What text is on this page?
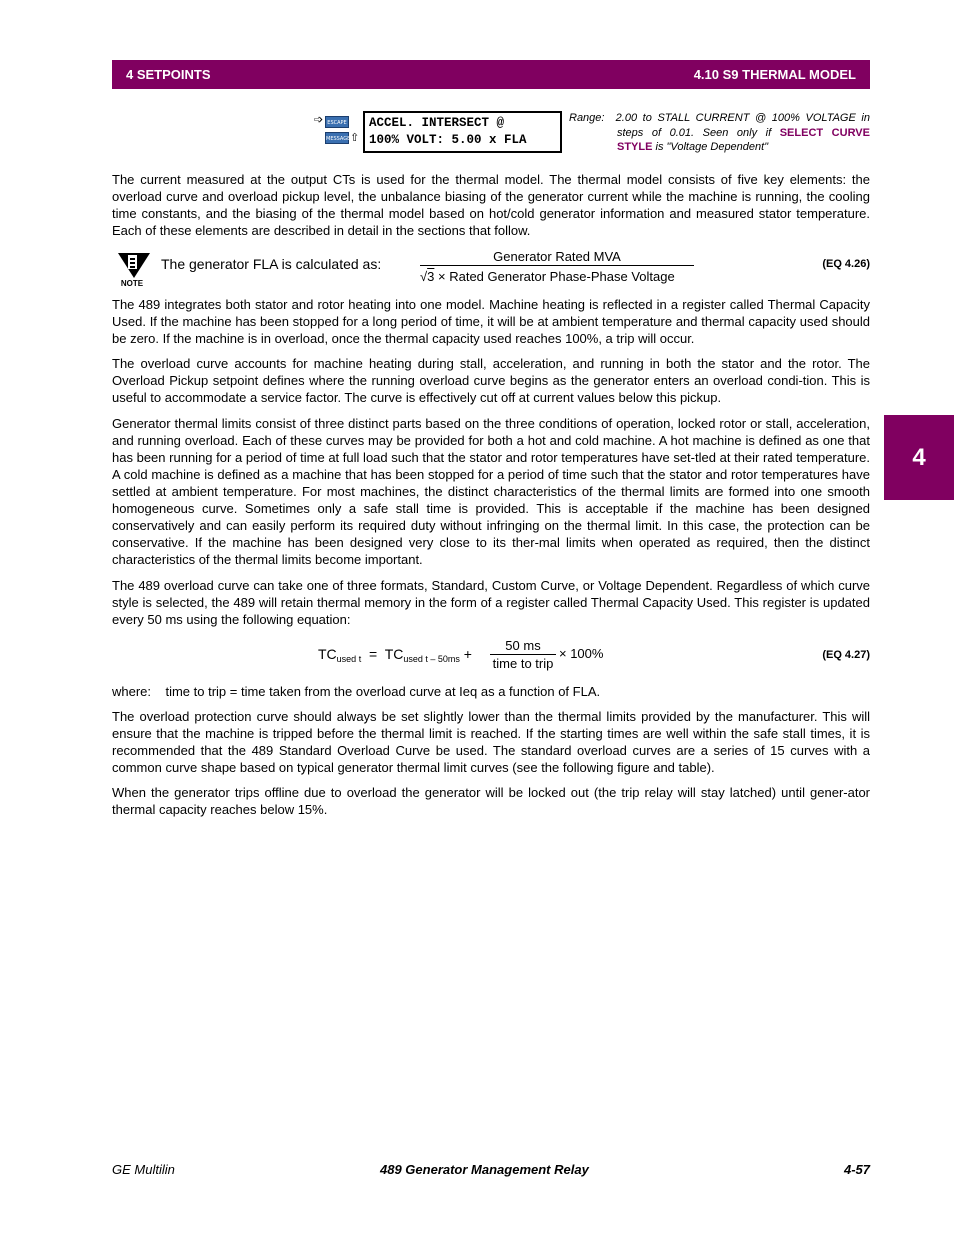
4 SETPOINTS	4.10 S9 THERMAL MODEL
4
➩ ESCAPE
MESSAGE ⇧
ACCEL. INTERSECT @
100% VOLT: 5.00 x FLA
Range: 2.00 to STALL CURRENT @ 100% VOLTAGE in
steps of 0.01. Seen only if SELECT CURVE
STYLE is "Voltage Dependent"
The current measured at the output CTs is used for the thermal model. The thermal model consists of five key elements: the overload curve and overload pickup level, the unbalance biasing of the generator current while the machine is running, the cooling time constants, and the biasing of the thermal model based on hot/cold generator information and measured stator temperature. Each of these elements are described in detail in the sections that follow.
NOTE
The generator FLA is calculated as:	Generator Rated MVA
√3 × Rated Generator Phase-Phase Voltage
(EQ 4.26)
The 489 integrates both stator and rotor heating into one model. Machine heating is reflected in a register called Thermal Capacity Used. If the machine has been stopped for a long period of time, it will be at ambient temperature and thermal capacity used should be zero. If the machine is in overload, once the thermal capacity used reaches 100%, a trip will occur.
The overload curve accounts for machine heating during stall, acceleration, and running in both the stator and the rotor. The Overload Pickup setpoint defines where the running overload curve begins as the generator enters an overload condi-tion. This is useful to accommodate a service factor. The curve is effectively cut off at current values below this pickup.
Generator thermal limits consist of three distinct parts based on the three conditions of operation, locked rotor or stall, acceleration, and running overload. Each of these curves may be provided for both a hot and cold machine. A hot machine is defined as one that has been running for a period of time at full load such that the stator and rotor temperatures have set-tled at their rated temperature. A cold machine is defined as a machine that has been stopped for a period of time such that the stator and rotor temperatures have settled at ambient temperature. For most machines, the distinct characteristics of the thermal limits are formed into one smooth homogeneous curve. Sometimes only a safe stall time is provided. This is acceptable if the machine has been designed conservatively and can easily perform its required duty without infringing on the thermal limit. In this case, the protection can be conservative. If the machine has been designed very close to its ther-mal limits when operated as required, then the distinct characteristics of the thermal limits become important.
The 489 overload curve can take one of three formats, Standard, Custom Curve, or Voltage Dependent. Regardless of which curve style is selected, the 489 will retain thermal memory in the form of a register called Thermal Capacity Used. This register is updated every 50 ms using the following equation:
$TC_{used t} = TC_{used t - 50ms}$ +
50 ms
time to trip
× 100%	(EQ 4.27)
where:    time to trip = time taken from the overload curve at Ieq as a function of FLA.
The overload protection curve should always be set slightly lower than the thermal limits provided by the manufacturer. This will ensure that the machine is tripped before the thermal limit is reached. If the starting times are well within the safe stall times, it is recommended that the 489 Standard Overload Curve be used. The standard overload curves are a series of 15 curves with a common curve shape based on typical generator thermal limit curves (see the following figure and table).
When the generator trips offline due to overload the generator will be locked out (the trip relay will stay latched) until gener-ator thermal capacity reaches below 15%.
GE Multilin	489 Generator Management Relay	4-57
